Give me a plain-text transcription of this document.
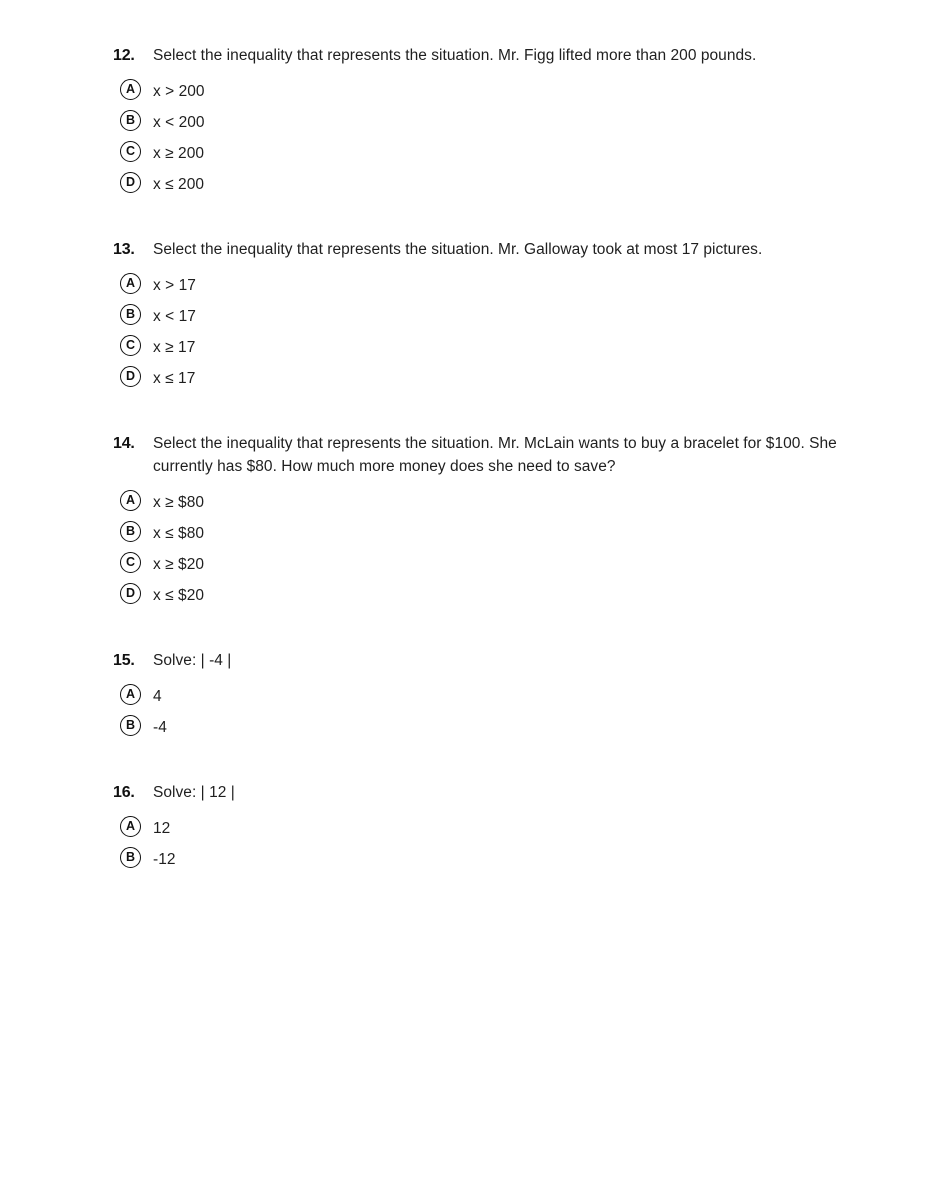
12.	Select the inequality that represents the situation. Mr. Figg lifted more than 200 pounds.
A	x > 200
B	x < 200
C	x ≥ 200
D	x ≤ 200
13.	Select the inequality that represents the situation. Mr. Galloway took at most 17 pictures.
A	x > 17
B	x < 17
C	x ≥ 17
D	x ≤ 17
14.	Select the inequality that represents the situation. Mr. McLain wants to buy a bracelet for $100. She currently has $80. How much more money does she need to save?
A	x ≥ $80
B	x ≤ $80
C	x ≥ $20
D	x ≤ $20
15.	Solve: | -4 |
A	4
B	-4
16.	Solve: | 12 |
A	12
B	-12
